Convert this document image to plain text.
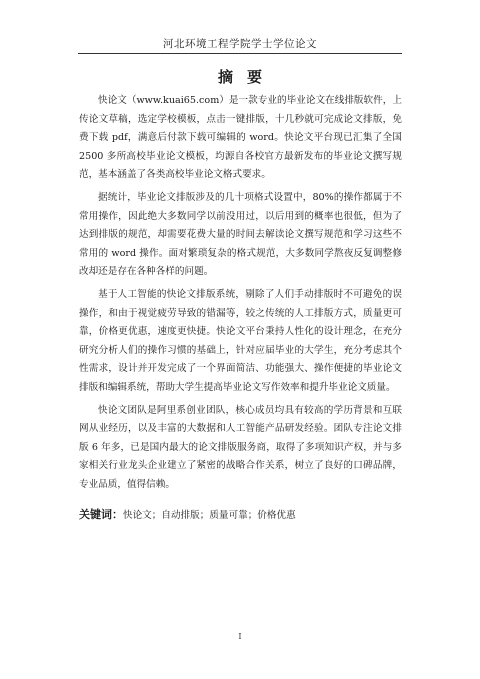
河北环境工程学院学士学位论文
摘要

快论文（www.kuai65.com）是一款专业的毕业论文在线排版软件，上传论文草稿，选定学校模板，点击一键排版，十几秒就可完成论文排版，免费下载 pdf，满意后付款下载可编辑的 word。快论文平台现已汇集了全国 2500 多所高校毕业论文模板，均源自各校官方最新发布的毕业论文撰写规范，基本涵盖了各类高校毕业论文格式要求。

据统计，毕业论文排版涉及的几十项格式设置中，80%的操作都属于不常用操作，因此绝大多数同学以前没用过，以后用到的概率也很低，但为了达到排版的规范，却需要花费大量的时间去解读论文撰写规范和学习这些不常用的 word 操作。面对繁琐复杂的格式规范，大多数同学熬夜反复调整修改却还是存在各种各样的问题。

基于人工智能的快论文排版系统，剔除了人们手动排版时不可避免的误操作，和由于视觉疲劳导致的错漏等，较之传统的人工排版方式，质量更可靠，价格更优惠，速度更快捷。快论文平台秉持人性化的设计理念，在充分研究分析人们的操作习惯的基础上，针对应届毕业的大学生，充分考虑其个性需求，设计并开发完成了一个界面简洁、功能强大、操作便捷的毕业论文排版和编辑系统，帮助大学生提高毕业论文写作效率和提升毕业论文质量。

快论文团队是阿里系创业团队，核心成员均具有较高的学历背景和互联网从业经历，以及丰富的大数据和人工智能产品研发经验。团队专注论文排版 6 年多，已是国内最大的论文排版服务商，取得了多项知识产权，并与多家相关行业龙头企业建立了紧密的战略合作关系，树立了良好的口碑品牌，专业品质，值得信赖。

关键词：快论文；自动排版；质量可靠；价格优惠
I
